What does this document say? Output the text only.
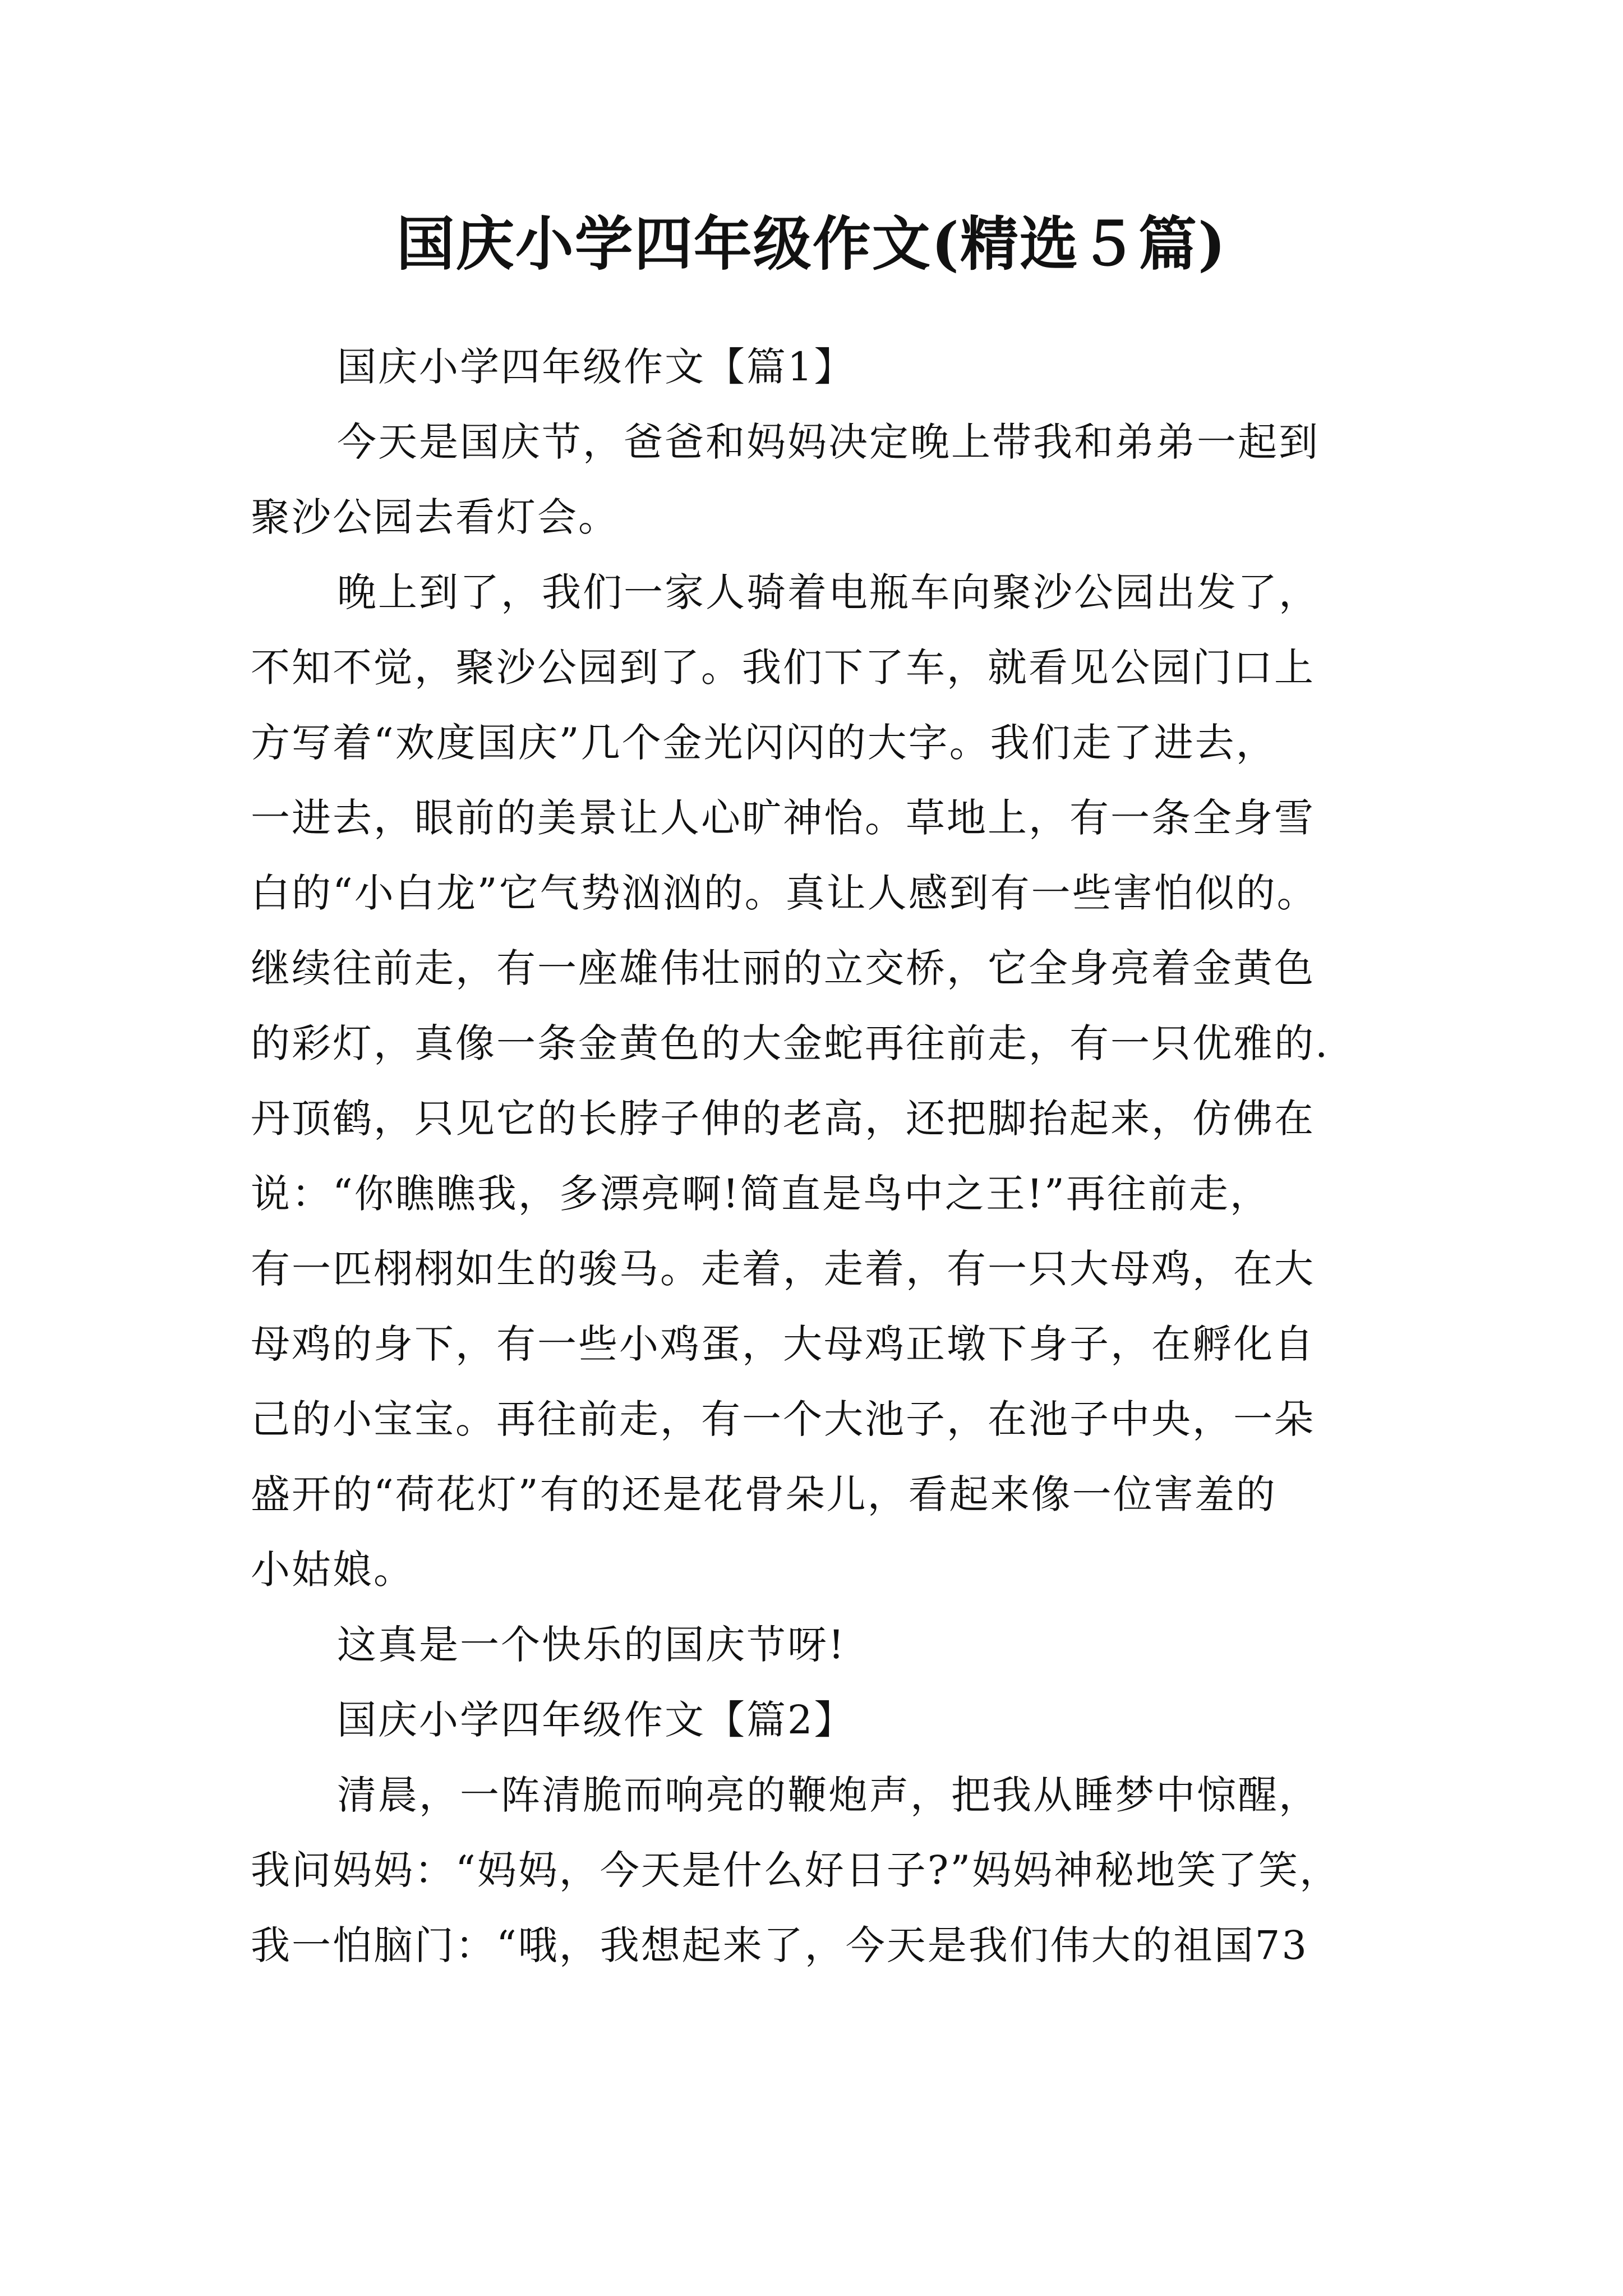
国庆小学四年级作文(精选５篇)
国庆小学四年级作文【篇1】
今天是国庆节，爸爸和妈妈决定晚上带我和弟弟一起到
聚沙公园去看灯会。
晚上到了，我们一家人骑着电瓶车向聚沙公园出发了，
不知不觉，聚沙公园到了。我们下了车，就看见公园门口上
方写着“欢度国庆”几个金光闪闪的大字。我们走了进去，
一进去，眼前的美景让人心旷神怡。草地上，有一条全身雪
白的“小白龙”它气势汹汹的。真让人感到有一些害怕似的。
继续往前走，有一座雄伟壮丽的立交桥，它全身亮着金黄色
的彩灯，真像一条金黄色的大金蛇再往前走，有一只优雅的.
丹顶鹤，只见它的长脖子伸的老高，还把脚抬起来，仿佛在
说：“你瞧瞧我，多漂亮啊!简直是鸟中之王!”再往前走，
有一匹栩栩如生的骏马。走着，走着，有一只大母鸡，在大
母鸡的身下，有一些小鸡蛋，大母鸡正墩下身子，在孵化自
己的小宝宝。再往前走，有一个大池子，在池子中央，一朵
盛开的“荷花灯”有的还是花骨朵儿，看起来像一位害羞的
小姑娘。
这真是一个快乐的国庆节呀!
国庆小学四年级作文【篇2】
清晨，一阵清脆而响亮的鞭炮声，把我从睡梦中惊醒，
我问妈妈：“妈妈，今天是什么好日子?”妈妈神秘地笑了笑，
我一怕脑门：“哦，我想起来了，今天是我们伟大的祖国73
